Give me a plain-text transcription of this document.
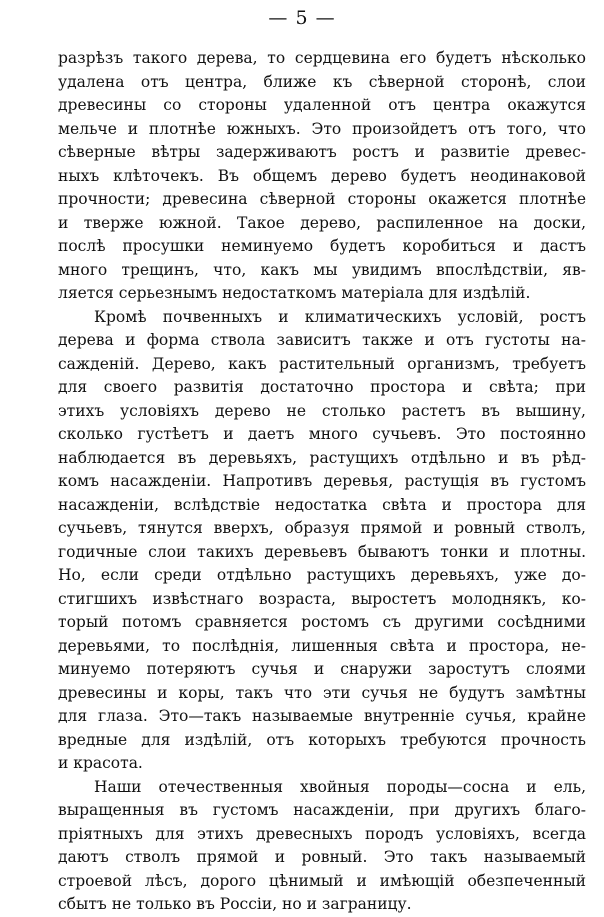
— 5 —
разрѣзъ такого дерева, то сердцевина его будетъ нѣсколько
удалена отъ центра, ближе къ сѣверной сторонѣ, слои
древесины со стороны удаленной отъ центра окажутся
мельче и плотнѣе южныхъ. Это произойдетъ отъ того, что
сѣверные вѣтры задерживаютъ ростъ и развитіе древес-
ныхъ клѣточекъ. Въ общемъ дерево будетъ неодинаковой
прочности; древесина сѣверной стороны окажется плотнѣе
и тверже южной. Такое дерево, распиленное на доски,
послѣ просушки неминуемо будетъ коробиться и дастъ
много трещинъ, что, какъ мы увидимъ впослѣдствіи, яв-
ляется серьезнымъ недостаткомъ матеріала для издѣлій.
Кромѣ почвенныхъ и климатическихъ условій, ростъ
дерева и форма ствола зависитъ также и отъ густоты на-
сажденій. Дерево, какъ растительный организмъ, требуетъ
для своего развитія достаточно простора и свѣта; при
этихъ условіяхъ дерево не столько растетъ въ вышину,
сколько густѣетъ и даетъ много сучьевъ. Это постоянно
наблюдается въ деревьяхъ, растущихъ отдѣльно и въ рѣд-
комъ насажденіи. Напротивъ деревья, растущія въ густомъ
насажденіи, вслѣдствіе недостатка свѣта и простора для
сучьевъ, тянутся вверхъ, образуя прямой и ровный стволъ,
годичные слои такихъ деревьевъ бываютъ тонки и плотны.
Но, если среди отдѣльно растущихъ деревьяхъ, уже до-
стигшихъ извѣстнаго возраста, выростетъ молоднякъ, ко-
торый потомъ сравняется ростомъ съ другими сосѣдними
деревьями, то послѣднія, лишенныя свѣта и простора, не-
минуемо потеряютъ сучья и снаружи заростутъ слоями
древесины и коры, такъ что эти сучья не будутъ замѣтны
для глаза. Это—такъ называемые внутренніе сучья, крайне
вредные для издѣлій, отъ которыхъ требуются прочность
и красота.
Наши отечественныя хвойныя породы—сосна и ель,
выращенныя въ густомъ насажденіи, при другихъ благо-
пріятныхъ для этихъ древесныхъ породъ условіяхъ, всегда
даютъ стволъ прямой и ровный. Это такъ называемый
строевой лѣсъ, дорого цѣнимый и имѣющій обезпеченный
сбытъ не только въ Россіи, но и заграницу.
